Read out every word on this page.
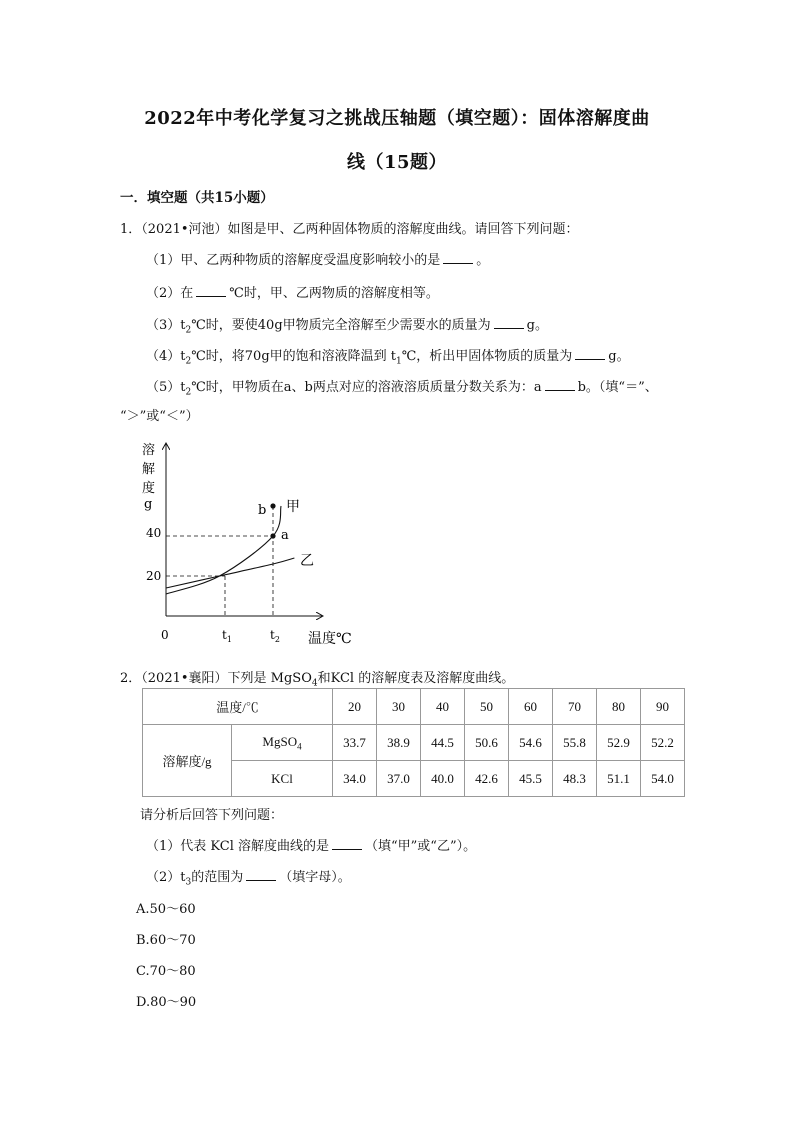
2022年中考化学复习之挑战压轴题（填空题）：固体溶解度曲
线（15题）
一．填空题（共15小题）
1．（2021•河池）如图是甲、乙两种固体物质的溶解度曲线。请回答下列问题：
（1）甲、乙两种物质的溶解度受温度影响较小的是	。
（2）在	℃时，甲、乙两物质的溶解度相等。
$(3)t_2℃$时，要使40g甲物质完全溶解至少需要水的质量为	g。
$(4)t_2℃$时，将70g甲的饱和溶液降温到 $t_1℃$，析出甲固体物质的质量为	g。
$(5)t_2℃$时，甲物质在a、b两点对应的溶液溶质质量分数关系为：a	b。（填“＝”、
“＞”或“＜”）
溶
解
度
g
40
20
0	$t_1$	$t_2$ 温度℃
b
a
甲
乙
2．（2021•襄阳）下列是 MgSO$_4$和KCl 的溶解度表及溶解度曲线。
温度/℃		20	30	40	50	60	70	80	90
溶解度/g	MgSO$_4$	33.7	38.9	44.5	50.6	54.6	55.8	52.9	52.2
	KCl	34.0	37.0	40.0	42.6	45.5	48.3	51.1	54.0
请分析后回答下列问题：
（1）代表 KCl 溶解度曲线的是	（填“甲”或“乙”）。
$(2)t_3$的范围为	（填字母）。
A.50～60
B.60～70
C.70～80
D.80～90
